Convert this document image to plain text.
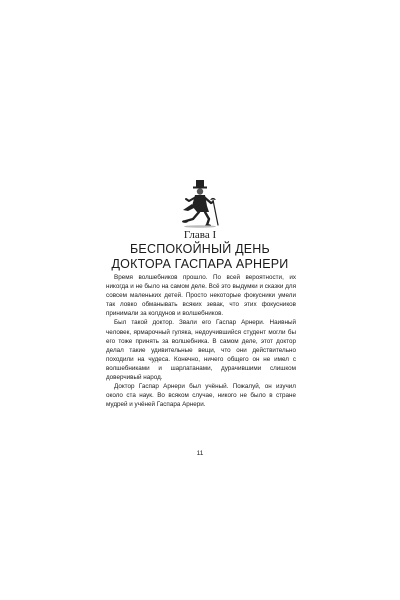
Глава I
БЕСПОКОЙНЫЙ ДЕНЬ
ДОКТОРА ГАСПАРА АРНЕРИ

Время волшебников прошло. По всей вероятности, их никогда и не было на самом деле. Всё это выдумки и сказки для совсем маленьких детей. Просто некоторые фокусники умели так ловко обманывать всяких зевак, что этих фокусников принимали за колдунов и волшебников.

Был такой доктор. Звали его Гаспар Арнери. Наивный человек, ярмарочный гуляка, недоучившийся студент могли бы его тоже принять за волшебника. В самом деле, этот доктор делал такие удивительные вещи, что они действительно походили на чудеса. Конечно, ничего общего он не имел с волшебниками и шарлатанами, дурачившими слишком доверчивый народ.

Доктор Гаспар Арнери был учёный. Пожалуй, он изучил около ста наук. Во всяком случае, никого не было в стране мудрей и учёней Гаспара Арнери.

11
